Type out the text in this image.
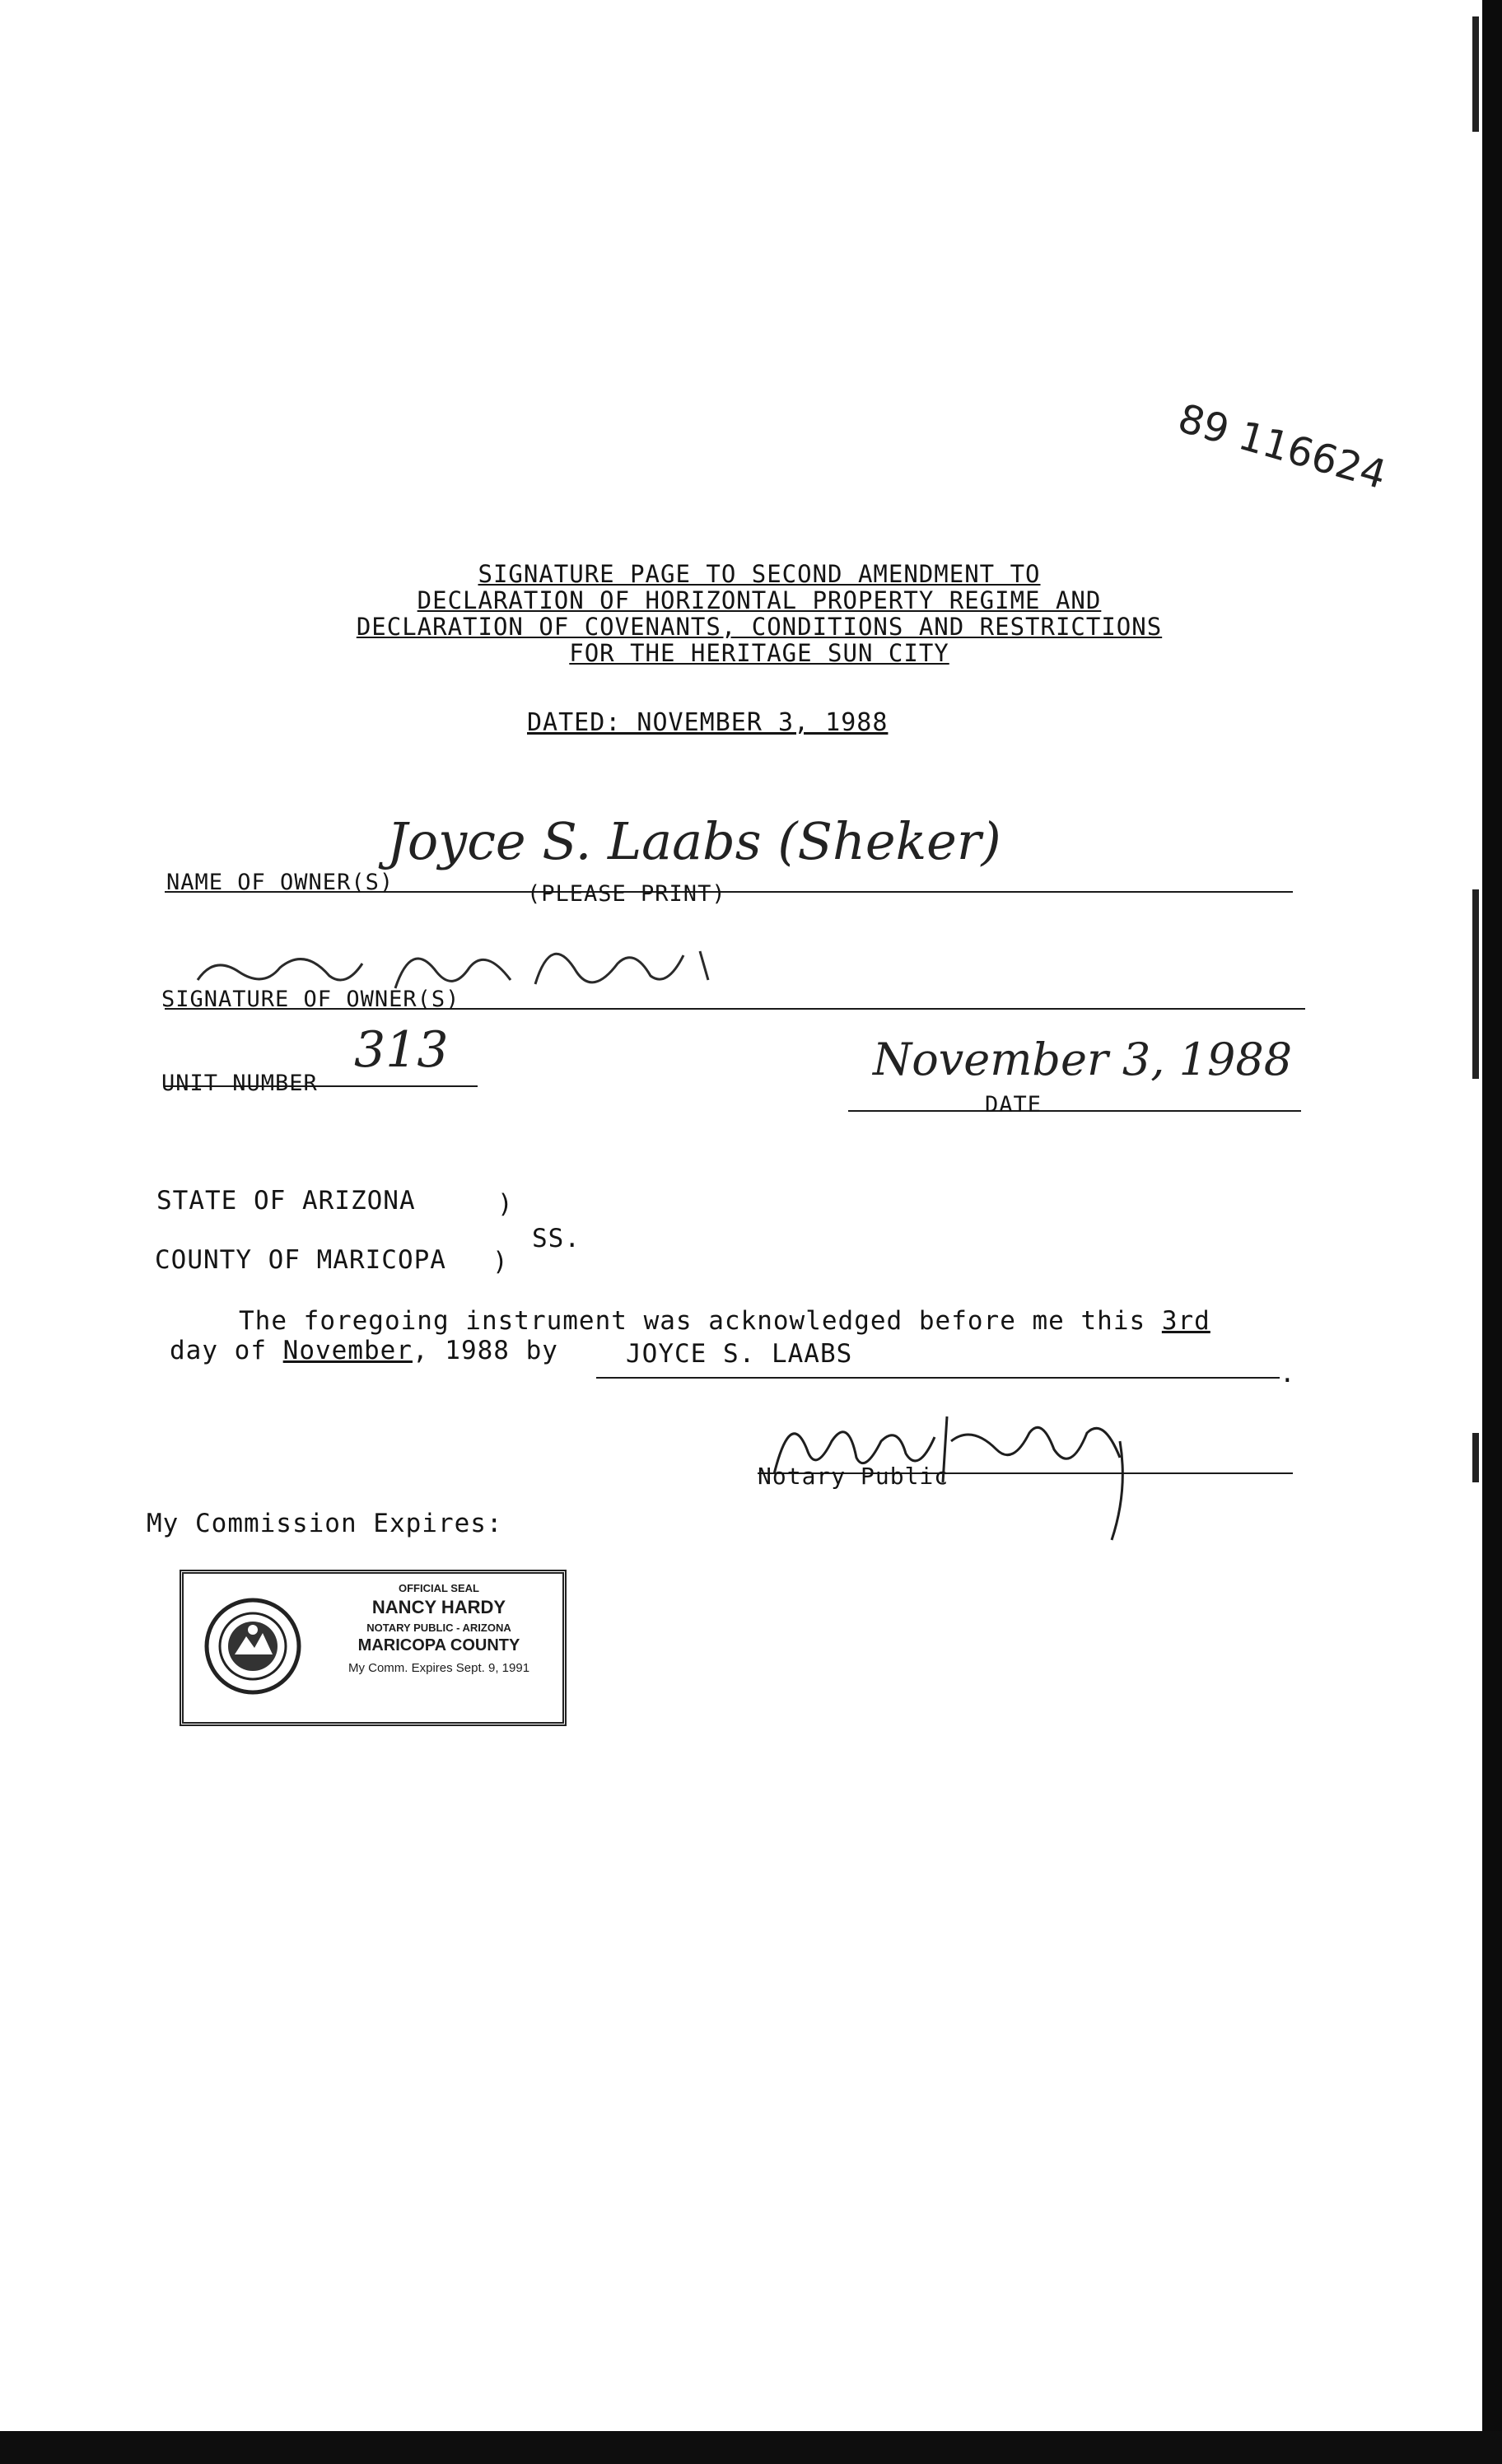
89 116624
SIGNATURE PAGE TO SECOND AMENDMENT TO
DECLARATION OF HORIZONTAL PROPERTY REGIME AND
DECLARATION OF COVENANTS, CONDITIONS AND RESTRICTIONS
FOR THE HERITAGE SUN CITY
DATED: NOVEMBER 3, 1988
Joyce S. Laabs (Sheker)
NAME OF OWNER(S)	(PLEASE PRINT)
SIGNATURE OF OWNER(S)
313	November 3, 1988
UNIT NUMBER
DATE
STATE OF ARIZONA	)
SS.
COUNTY OF MARICOPA )
The foregoing instrument was acknowledged before me this 3rd
day of November, 1988 by	JOYCE S. LAABS
.
Notary Public
My Commission Expires:
OFFICIAL SEAL
NANCY HARDY
NOTARY PUBLIC - ARIZONA
MARICOPA COUNTY
My Comm. Expires Sept. 9, 1991
